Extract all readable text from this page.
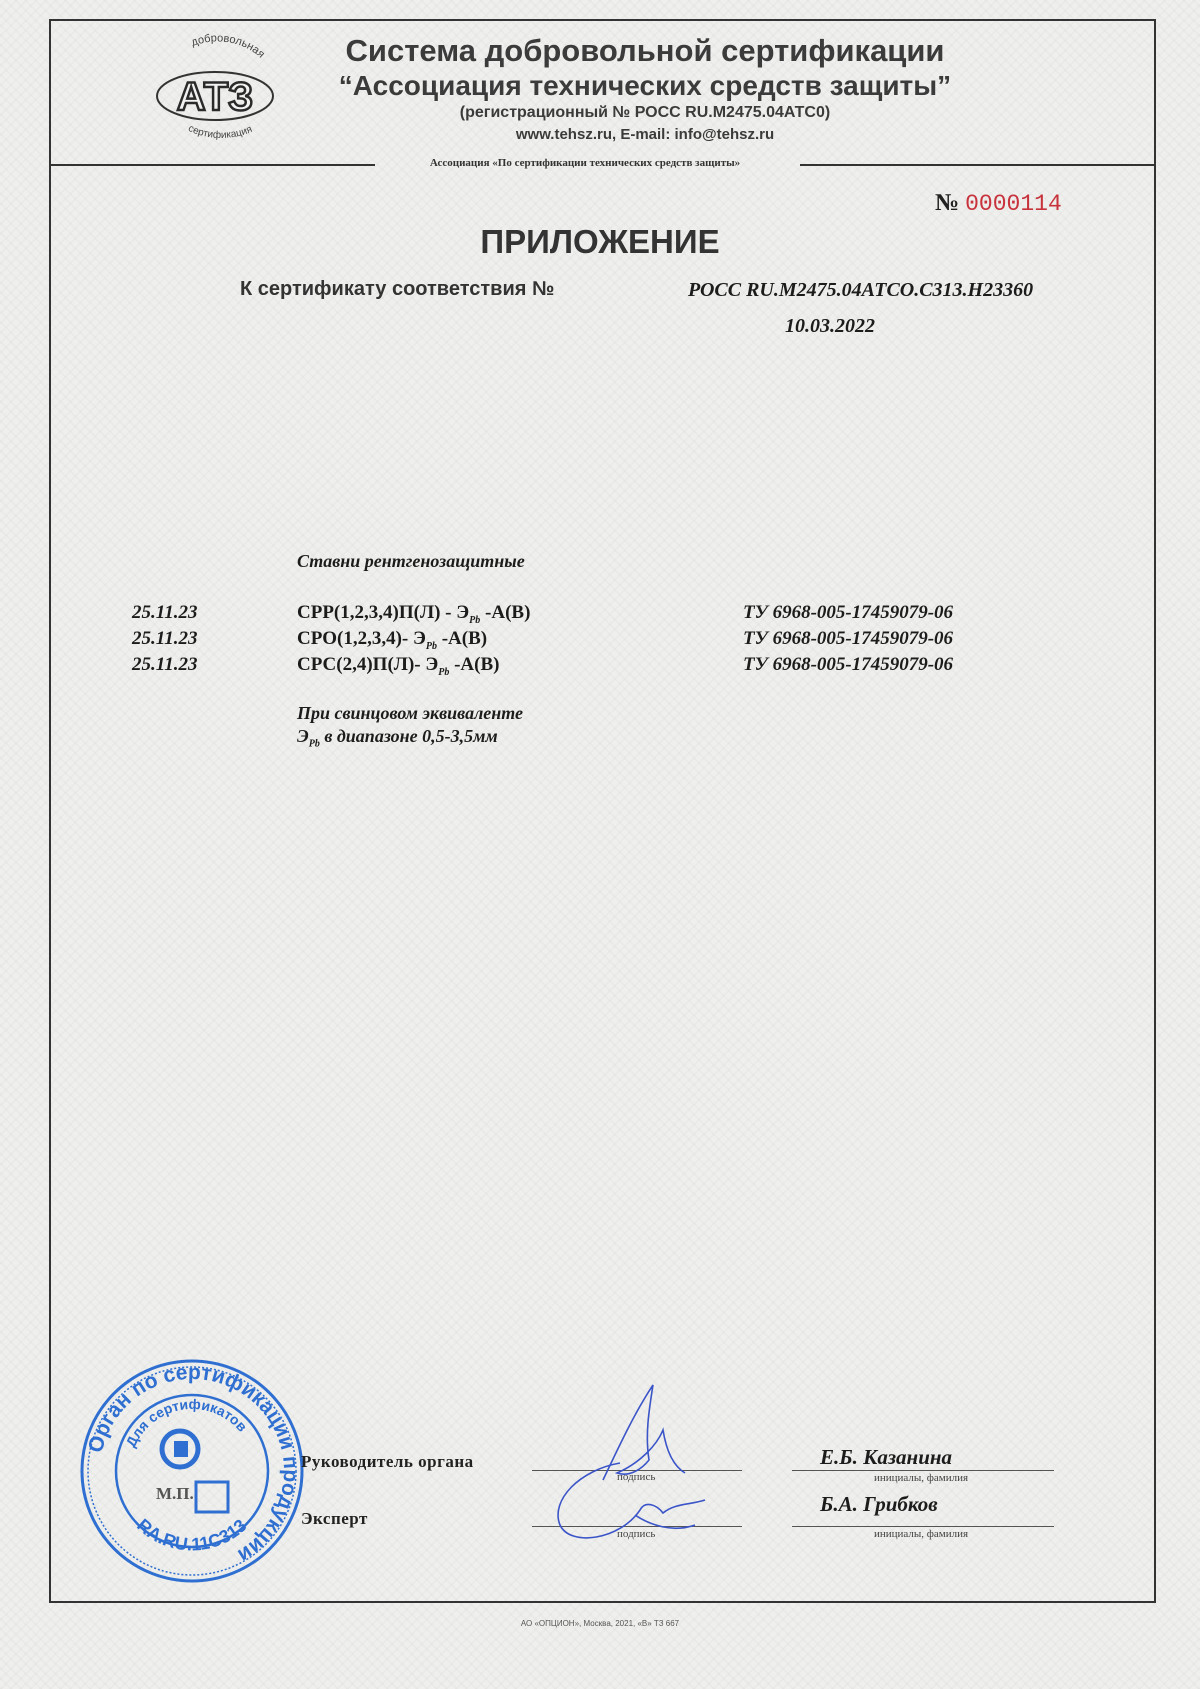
добровольная
сертификация
АТЗ
Система добровольной сертификации
“Ассоциация технических средств защиты”
(регистрационный № РОСС RU.M2475.04АТС0)
www.tehsz.ru, E-mail: info@tehsz.ru
Ассоциация «По сертификации технических средств защиты»
№ 0000114
ПРИЛОЖЕНИЕ
К сертификату соответствия №	РОСС RU.M2475.04АТСО.С313.Н23360
10.03.2022
Ставни рентгенозащитные
25.11.23	$СРР(1,2,3,4)П(Л) - Э_{Pb}$ -А(В)	ТУ 6968-005-17459079-06
25.11.23	СРО(1,2,3,4)- $Э_{Pb}$ -А(В)	ТУ 6968-005-17459079-06
25.11.23	СРС(2,4)П(Л)- $Э_{Pb}$ -А(В)	ТУ 6968-005-17459079-06
При свинцовом эквиваленте
$Э_{Pb}$ в диапазоне 0,5-3,5мм
Орган по сертификации продукции
Для сертификатов
RA.RU.11С313
Руководитель органа
подпись
Е.Б. Казанина
инициалы, фамилия
М.П.
Эксперт
подпись
Б.А. Грибков
инициалы, фамилия
АО «ОПЦИОН», Москва, 2021, «В» ТЗ 667
